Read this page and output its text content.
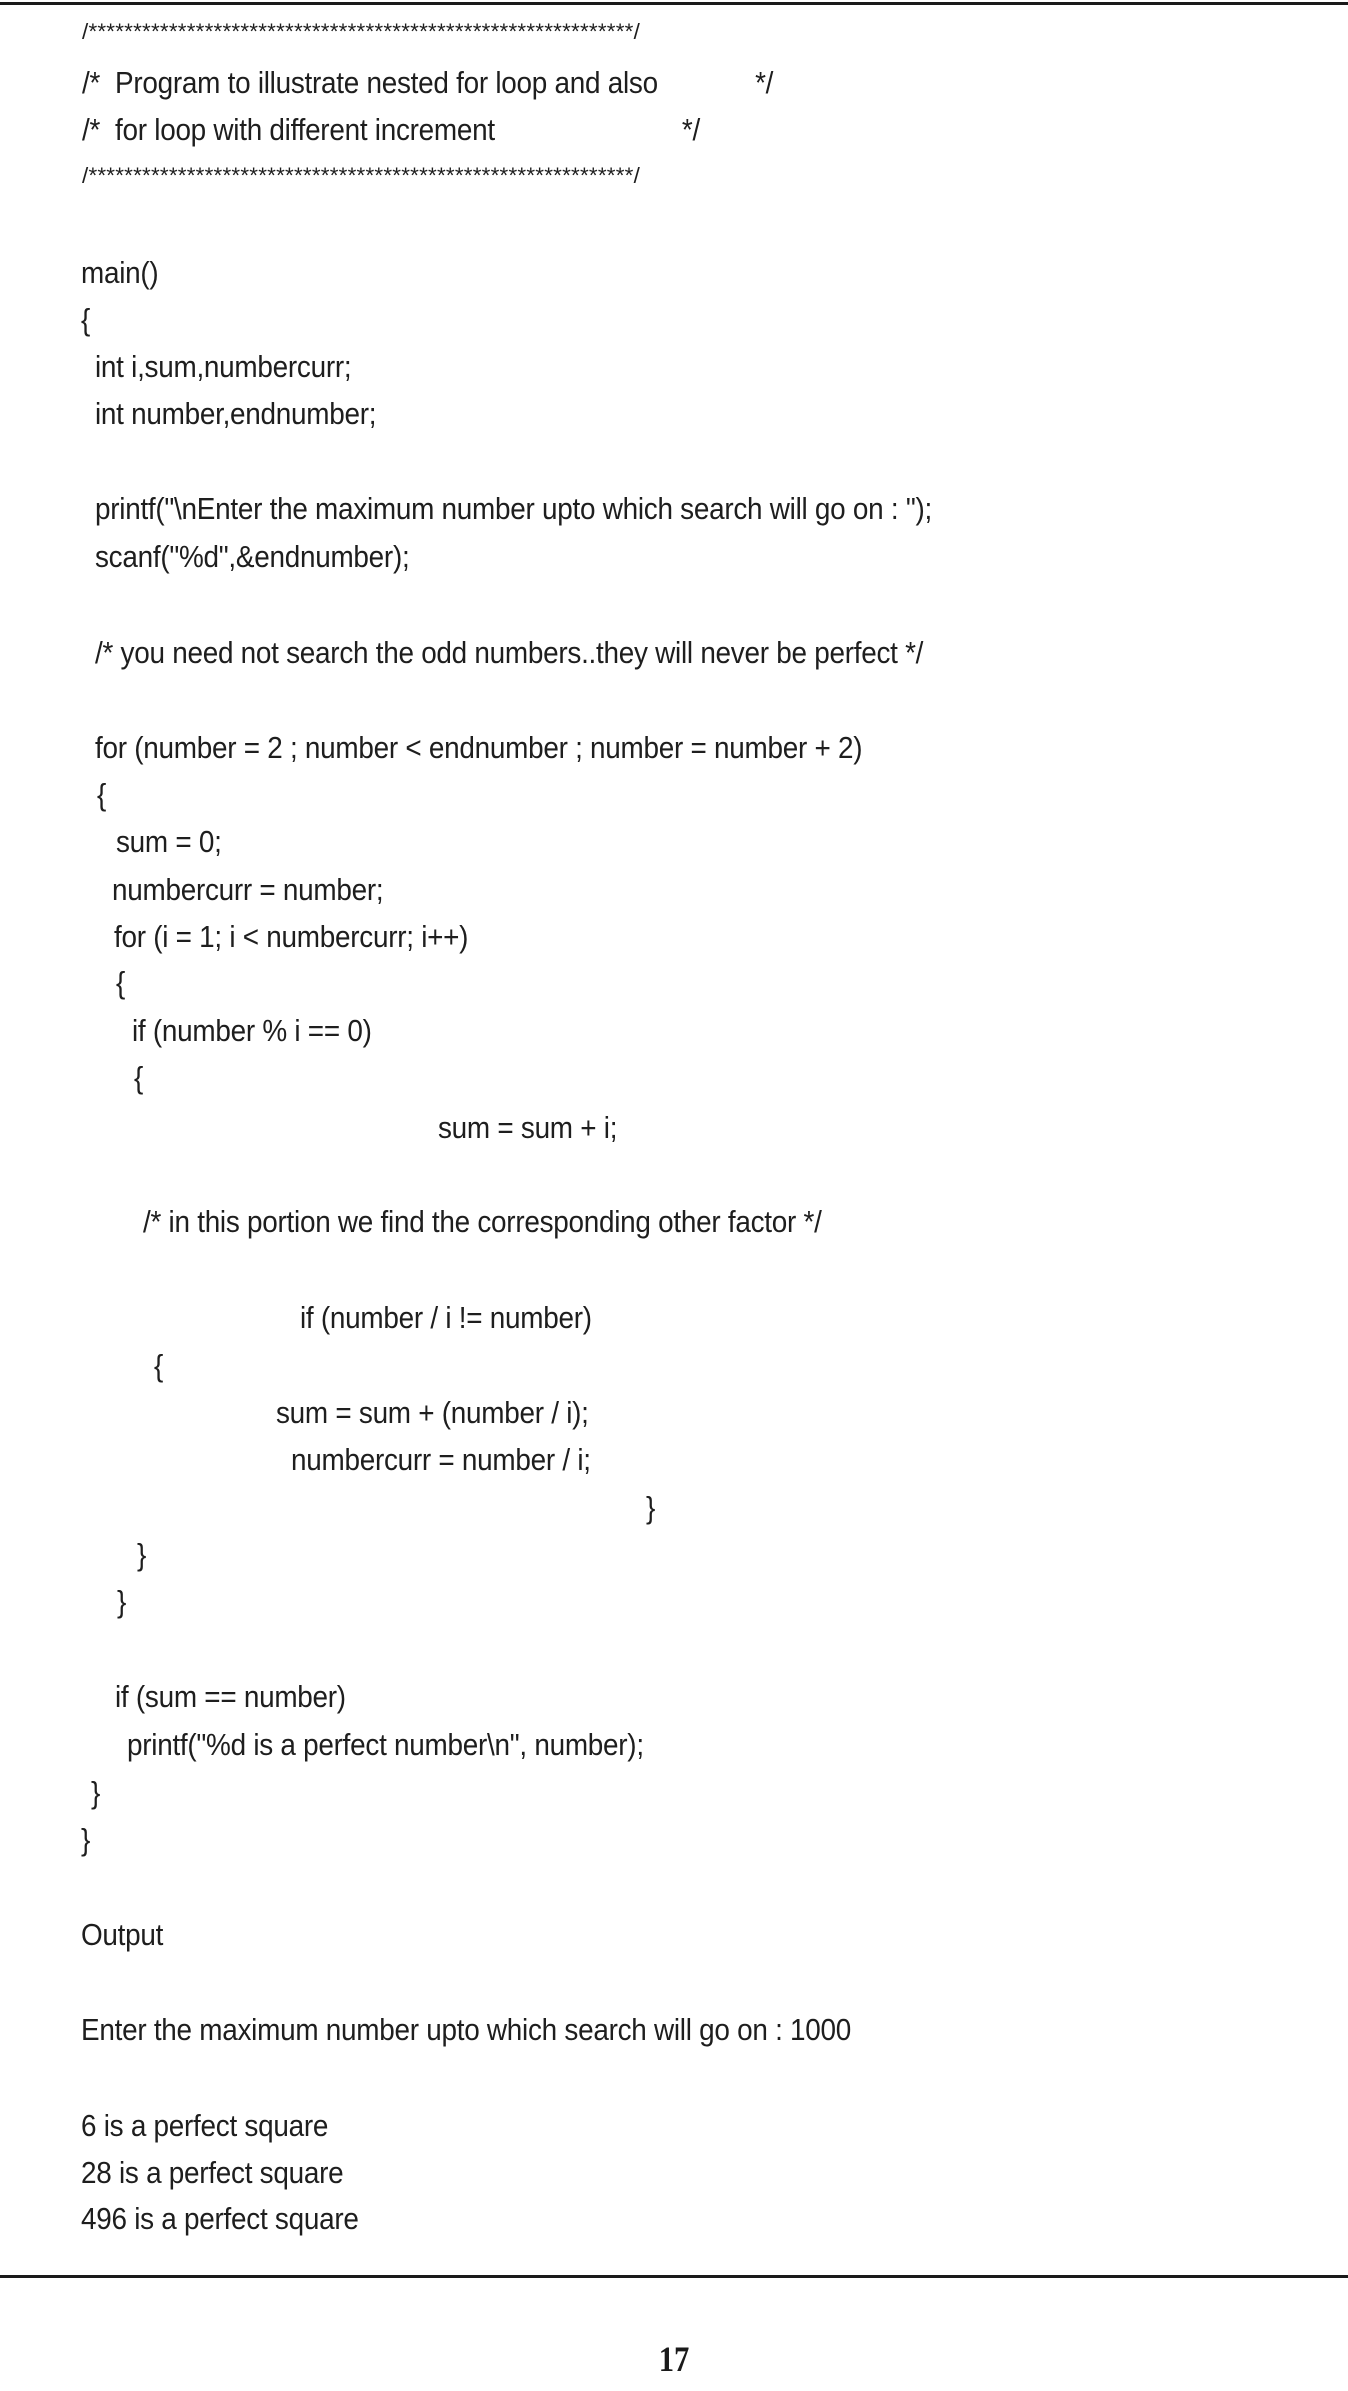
/*************************************************************/
/*  Program to illustrate nested for loop and also             */
/*  for loop with different increment                         */
/*************************************************************/
main()
{
int i,sum,numbercurr;
int number,endnumber;
printf("\nEnter the maximum number upto which search will go on : ");
scanf("%d",&endnumber);
/* you need not search the odd numbers..they will never be perfect */
for (number = 2 ; number < endnumber ; number = number + 2)
{
sum = 0;
numbercurr = number;
for (i = 1; i < numbercurr; i++)
{
if (number % i == 0)
{
sum = sum + i;
/* in this portion we find the corresponding other factor */
if (number / i != number)
{
sum = sum + (number / i);
numbercurr = number / i;
}
}
}
if (sum == number)
printf("%d is a perfect number\n", number);
}
}
Output
Enter the maximum number upto which search will go on : 1000
6 is a perfect square
28 is a perfect square
496 is a perfect square
17
